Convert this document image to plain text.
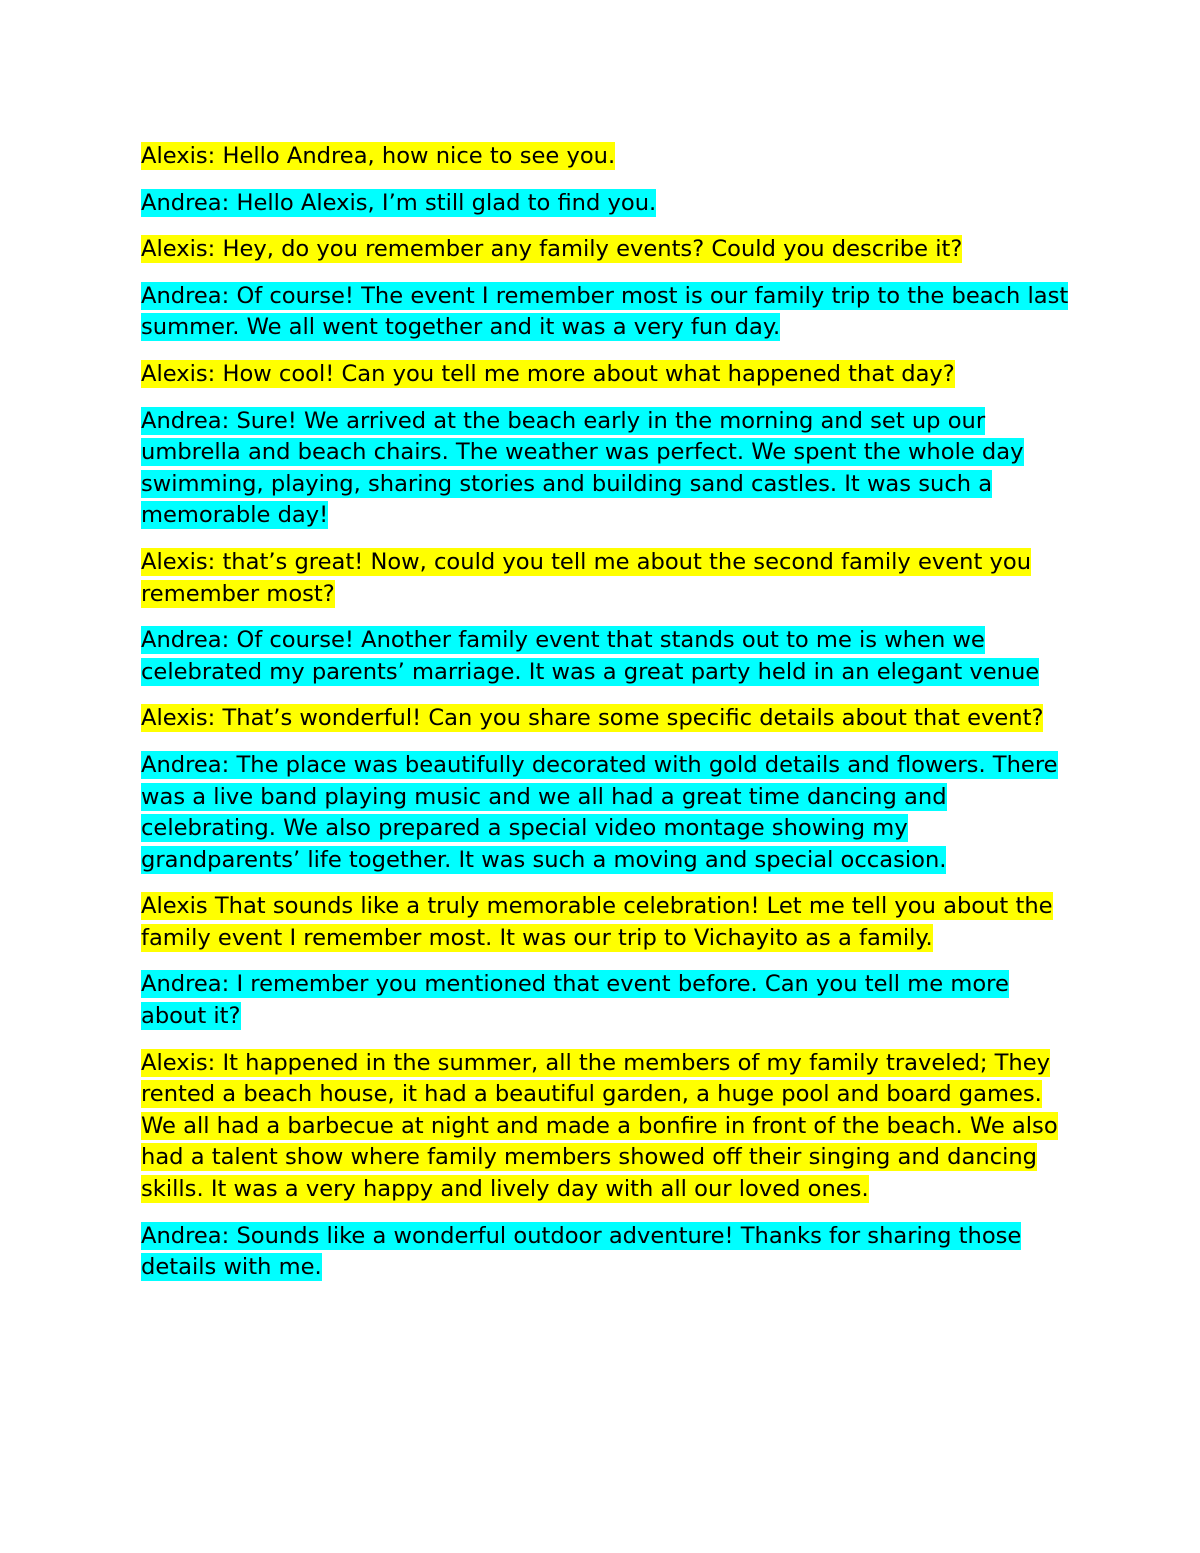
Alexis: Hello Andrea, how nice to see you.

Andrea: Hello Alexis, I’m still glad to find you.

Alexis: Hey, do you remember any family events? Could you describe it?

Andrea: Of course! The event I remember most is our family trip to the beach last summer. We all went together and it was a very fun day.

Alexis: How cool! Can you tell me more about what happened that day?

Andrea: Sure! We arrived at the beach early in the morning and set up our umbrella and beach chairs. The weather was perfect. We spent the whole day swimming, playing, sharing stories and building sand castles. It was such a memorable day!

Alexis: that’s great! Now, could you tell me about the second family event you remember most?

Andrea: Of course! Another family event that stands out to me is when we celebrated my parents’ marriage. It was a great party held in an elegant venue

Alexis: That’s wonderful! Can you share some specific details about that event?

Andrea: The place was beautifully decorated with gold details and flowers. There was a live band playing music and we all had a great time dancing and celebrating. We also prepared a special video montage showing my grandparents’ life together. It was such a moving and special occasion.

Alexis That sounds like a truly memorable celebration! Let me tell you about the family event I remember most. It was our trip to Vichayito as a family.

Andrea: I remember you mentioned that event before. Can you tell me more about it?

Alexis: It happened in the summer, all the members of my family traveled; They rented a beach house, it had a beautiful garden, a huge pool and board games. We all had a barbecue at night and made a bonfire in front of the beach. We also had a talent show where family members showed off their singing and dancing skills. It was a very happy and lively day with all our loved ones.

Andrea: Sounds like a wonderful outdoor adventure! Thanks for sharing those details with me.
